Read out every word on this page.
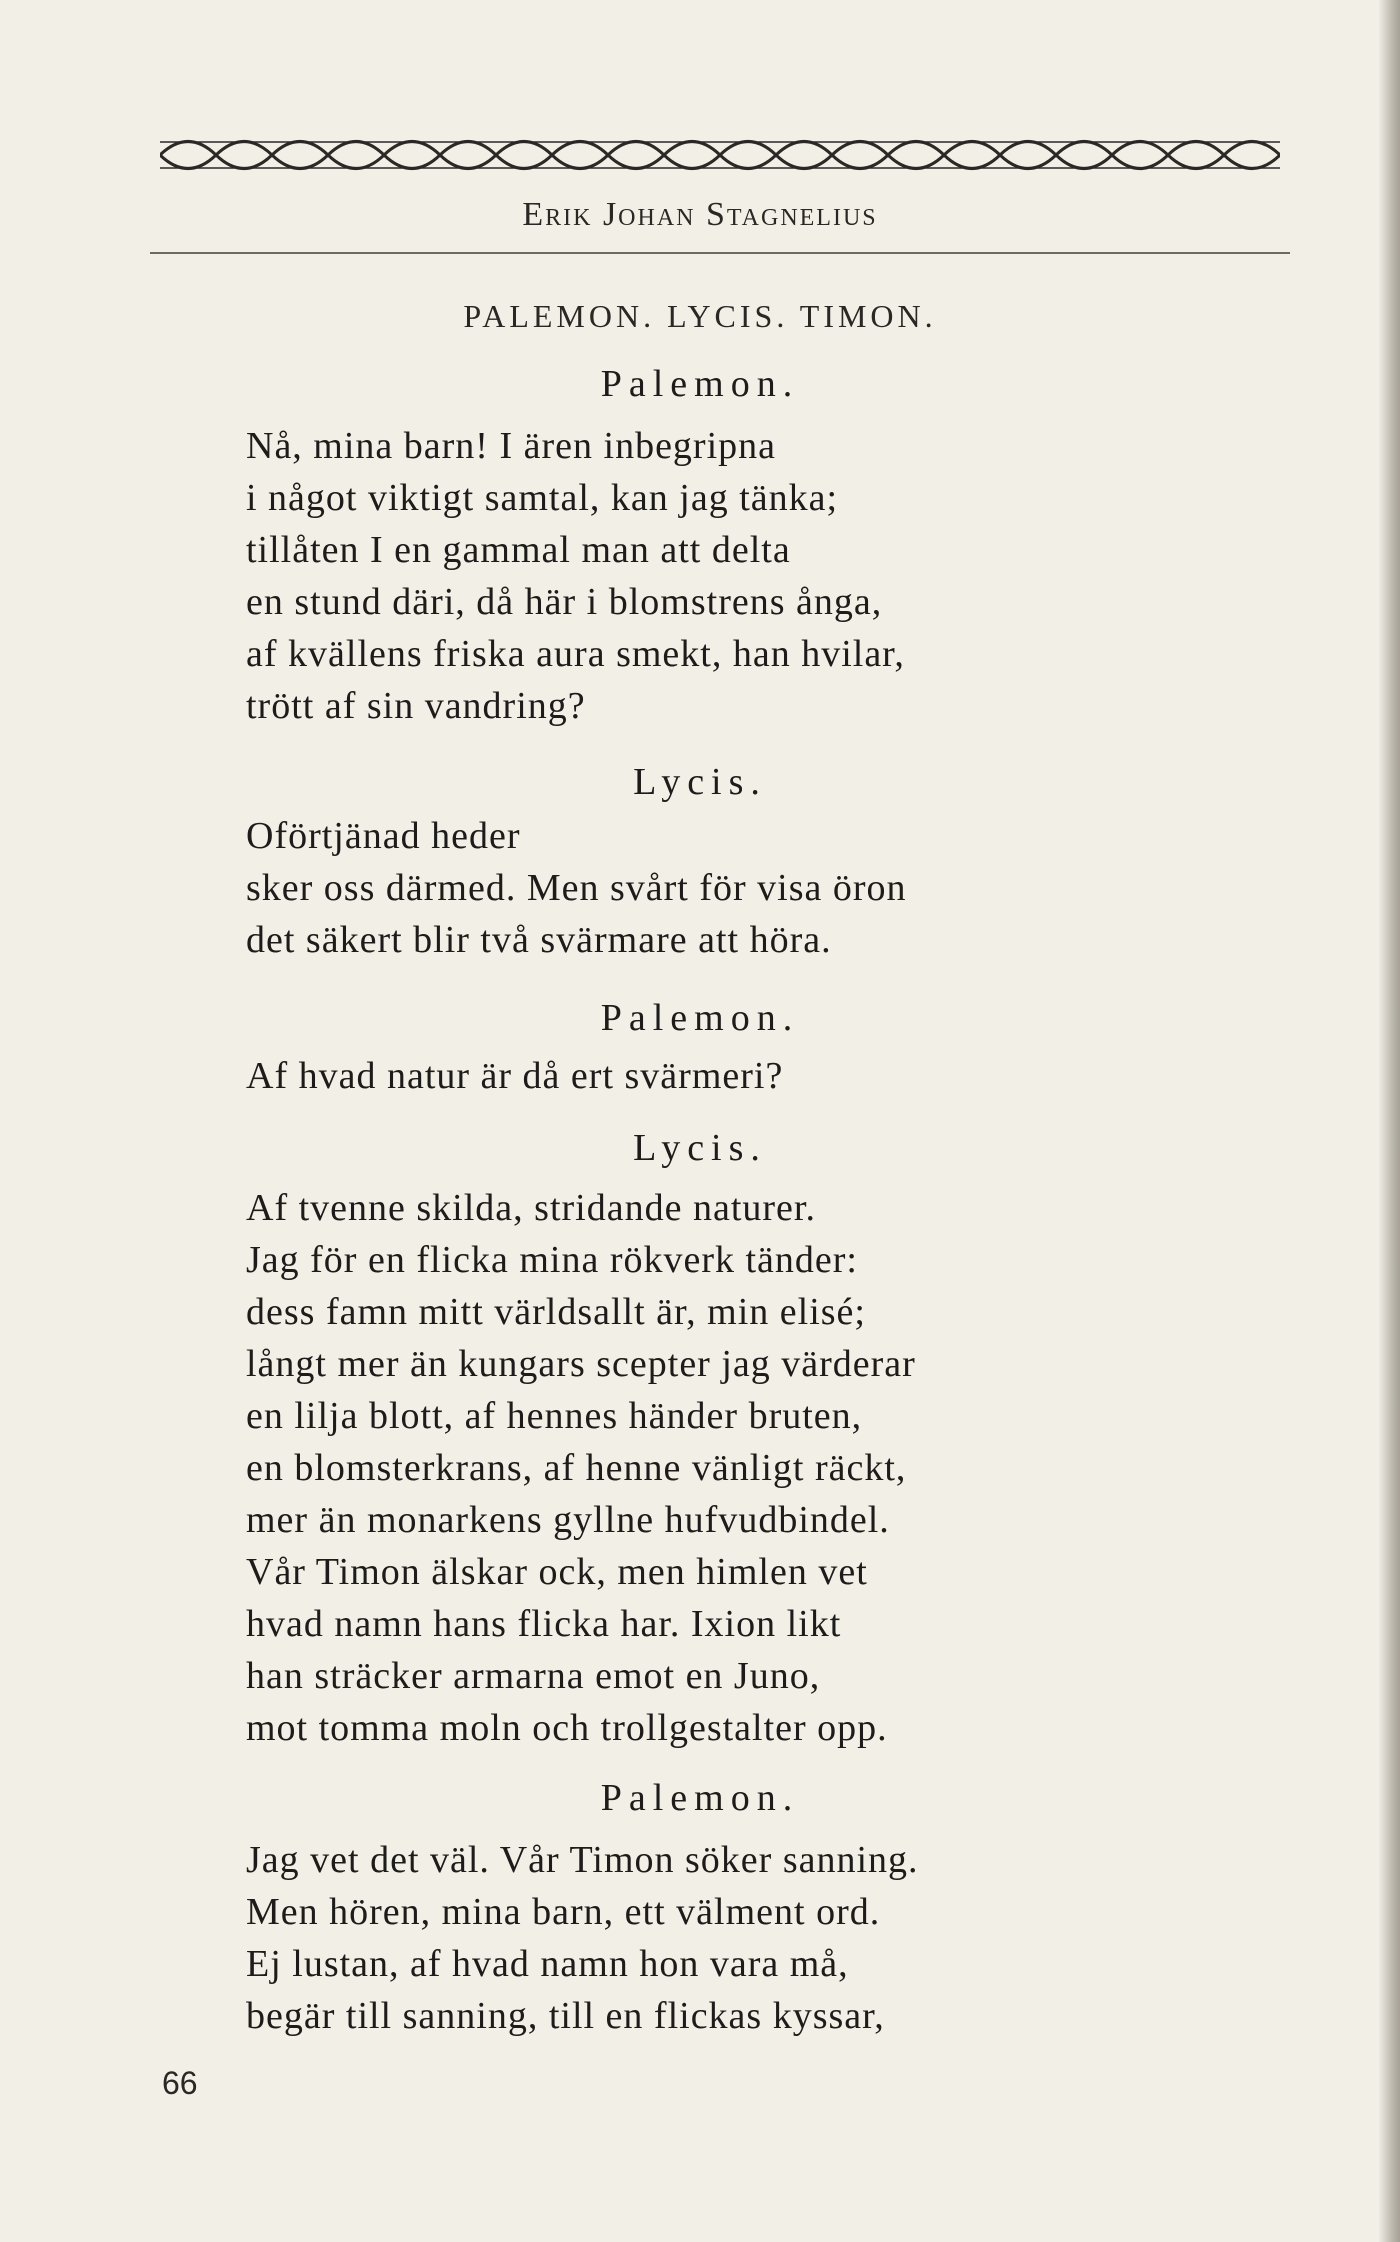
Erik Johan Stagnelius
PALEMON. LYCIS. TIMON.
Palemon.
Nå, mina barn! I ären inbegripna
i något viktigt samtal, kan jag tänka;
tillåten I en gammal man att delta
en stund däri, då här i blomstrens ånga,
af kvällens friska aura smekt, han hvilar,
trött af sin vandring?
Lycis.
Oförtjänad heder
sker oss därmed. Men svårt för visa öron
det säkert blir två svärmare att höra.
Palemon.
Af hvad natur är då ert svärmeri?
Lycis.
Af tvenne skilda, stridande naturer.
Jag för en flicka mina rökverk tänder:
dess famn mitt världsallt är, min elisé;
långt mer än kungars scepter jag värderar
en lilja blott, af hennes händer bruten,
en blomsterkrans, af henne vänligt räckt,
mer än monarkens gyllne hufvudbindel.
Vår Timon älskar ock, men himlen vet
hvad namn hans flicka har. Ixion likt
han sträcker armarna emot en Juno,
mot tomma moln och trollgestalter opp.
Palemon.
Jag vet det väl. Vår Timon söker sanning.
Men hören, mina barn, ett välment ord.
Ej lustan, af hvad namn hon vara må,
begär till sanning, till en flickas kyssar,
66
